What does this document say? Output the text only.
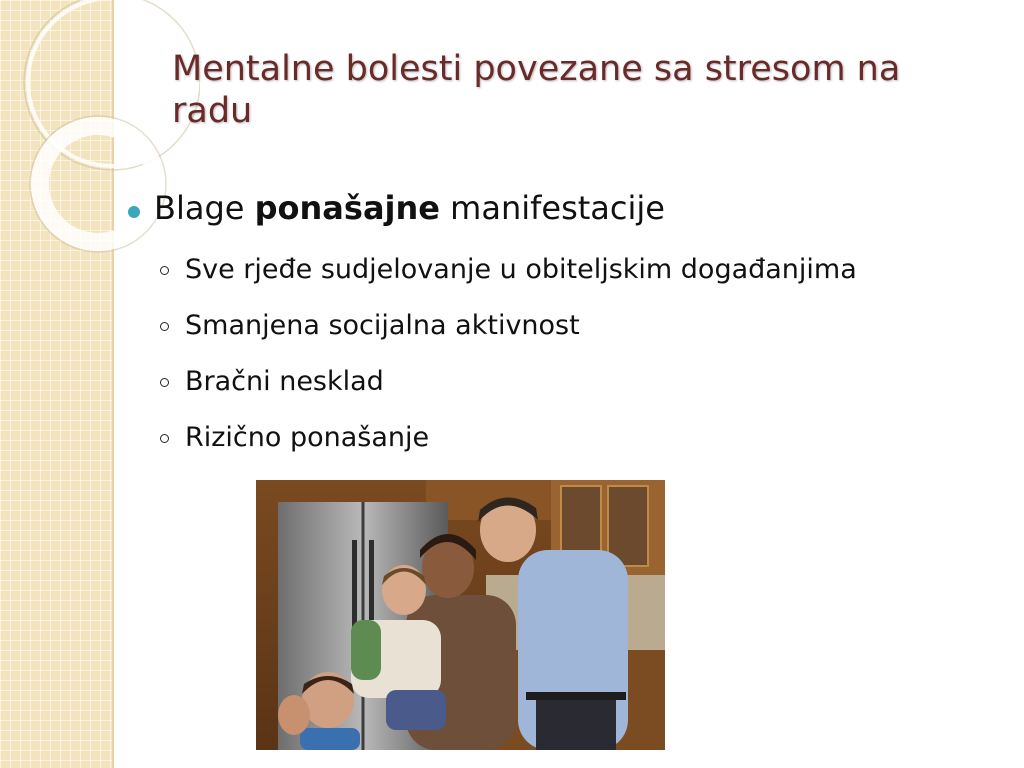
Mentalne bolesti povezane sa stresom na radu
Blage ponašajne manifestacije
Sve rjeđe sudjelovanje u obiteljskim događanjima
Smanjena socijalna aktivnost
Bračni nesklad
Rizično ponašanje
